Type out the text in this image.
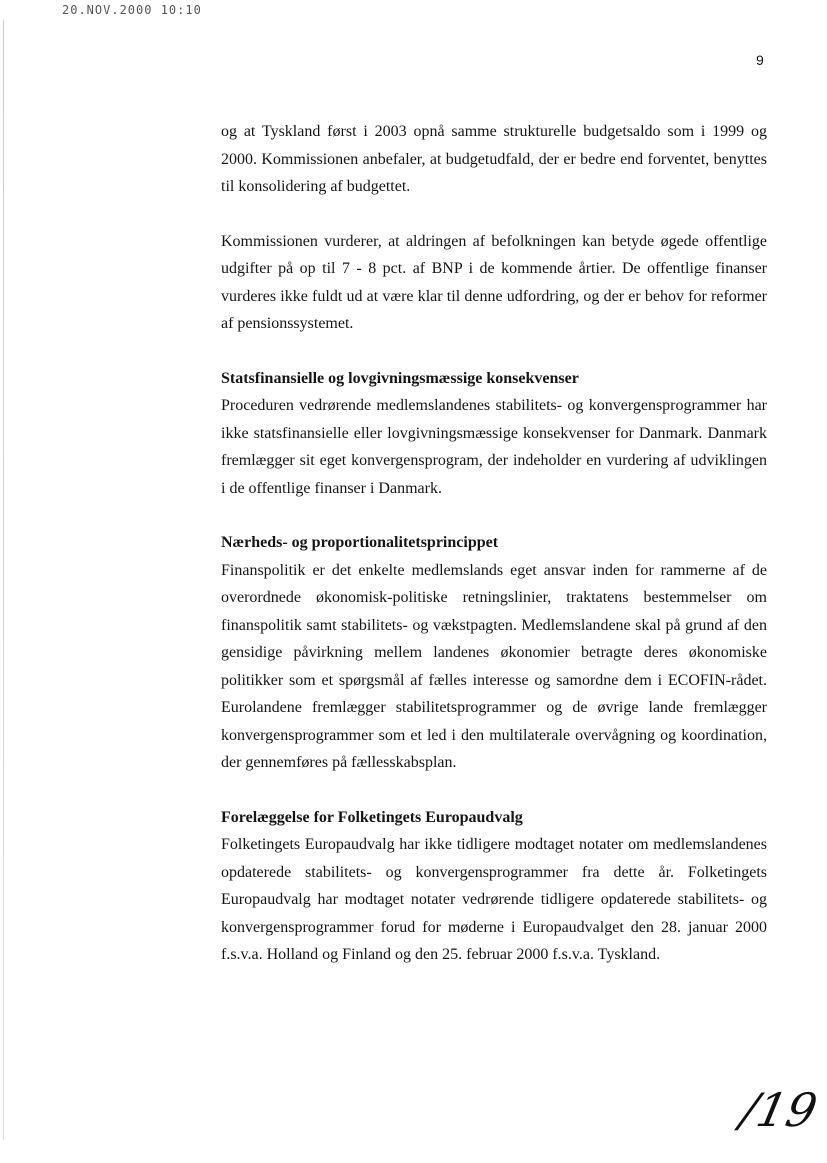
20.NOV.2000 10:10
9

og at Tyskland først i 2003 opnå samme strukturelle budgetsaldo som i 1999 og 2000. Kommissionen anbefaler, at budgetudfald, der er bedre end forventet, benyttes til konsolidering af budgettet.

Kommissionen vurderer, at aldringen af befolkningen kan betyde øgede offentlige udgifter på op til 7 - 8 pct. af BNP i de kommende årtier. De offentlige finanser vurderes ikke fuldt ud at være klar til denne udfordring, og der er behov for reformer af pensionssystemet.

Statsfinansielle og lovgivningsmæssige konsekvenser

Proceduren vedrørende medlemslandenes stabilitets- og konvergensprogrammer har ikke statsfinansielle eller lovgivningsmæssige konsekvenser for Danmark. Danmark fremlægger sit eget konvergensprogram, der indeholder en vurdering af udviklingen i de offentlige finanser i Danmark.

Nærheds- og proportionalitetsprincippet

Finanspolitik er det enkelte medlemslands eget ansvar inden for rammerne af de overordnede økonomisk-politiske retningslinier, traktatens bestemmelser om finanspolitik samt stabilitets- og vækstpagten. Medlemslandene skal på grund af den gensidige påvirkning mellem landenes økonomier betragte deres økonomiske politikker som et spørgsmål af fælles interesse og samordne dem i ECOFIN-rådet. Eurolandene fremlægger stabilitetsprogrammer og de øvrige lande fremlægger konvergensprogrammer som et led i den multilaterale overvågning og koordination, der gennemføres på fællesskabsplan.

Forelæggelse for Folketingets Europaudvalg

Folketingets Europaudvalg har ikke tidligere modtaget notater om medlemslandenes opdaterede stabilitets- og konvergensprogrammer fra dette år. Folketingets Europaudvalg har modtaget notater vedrørende tidligere opdaterede stabilitets- og konvergensprogrammer forud for møderne i Europaudvalget den 28. januar 2000 f.s.v.a. Holland og Finland og den 25. februar 2000 f.s.v.a. Tyskland.

/19
